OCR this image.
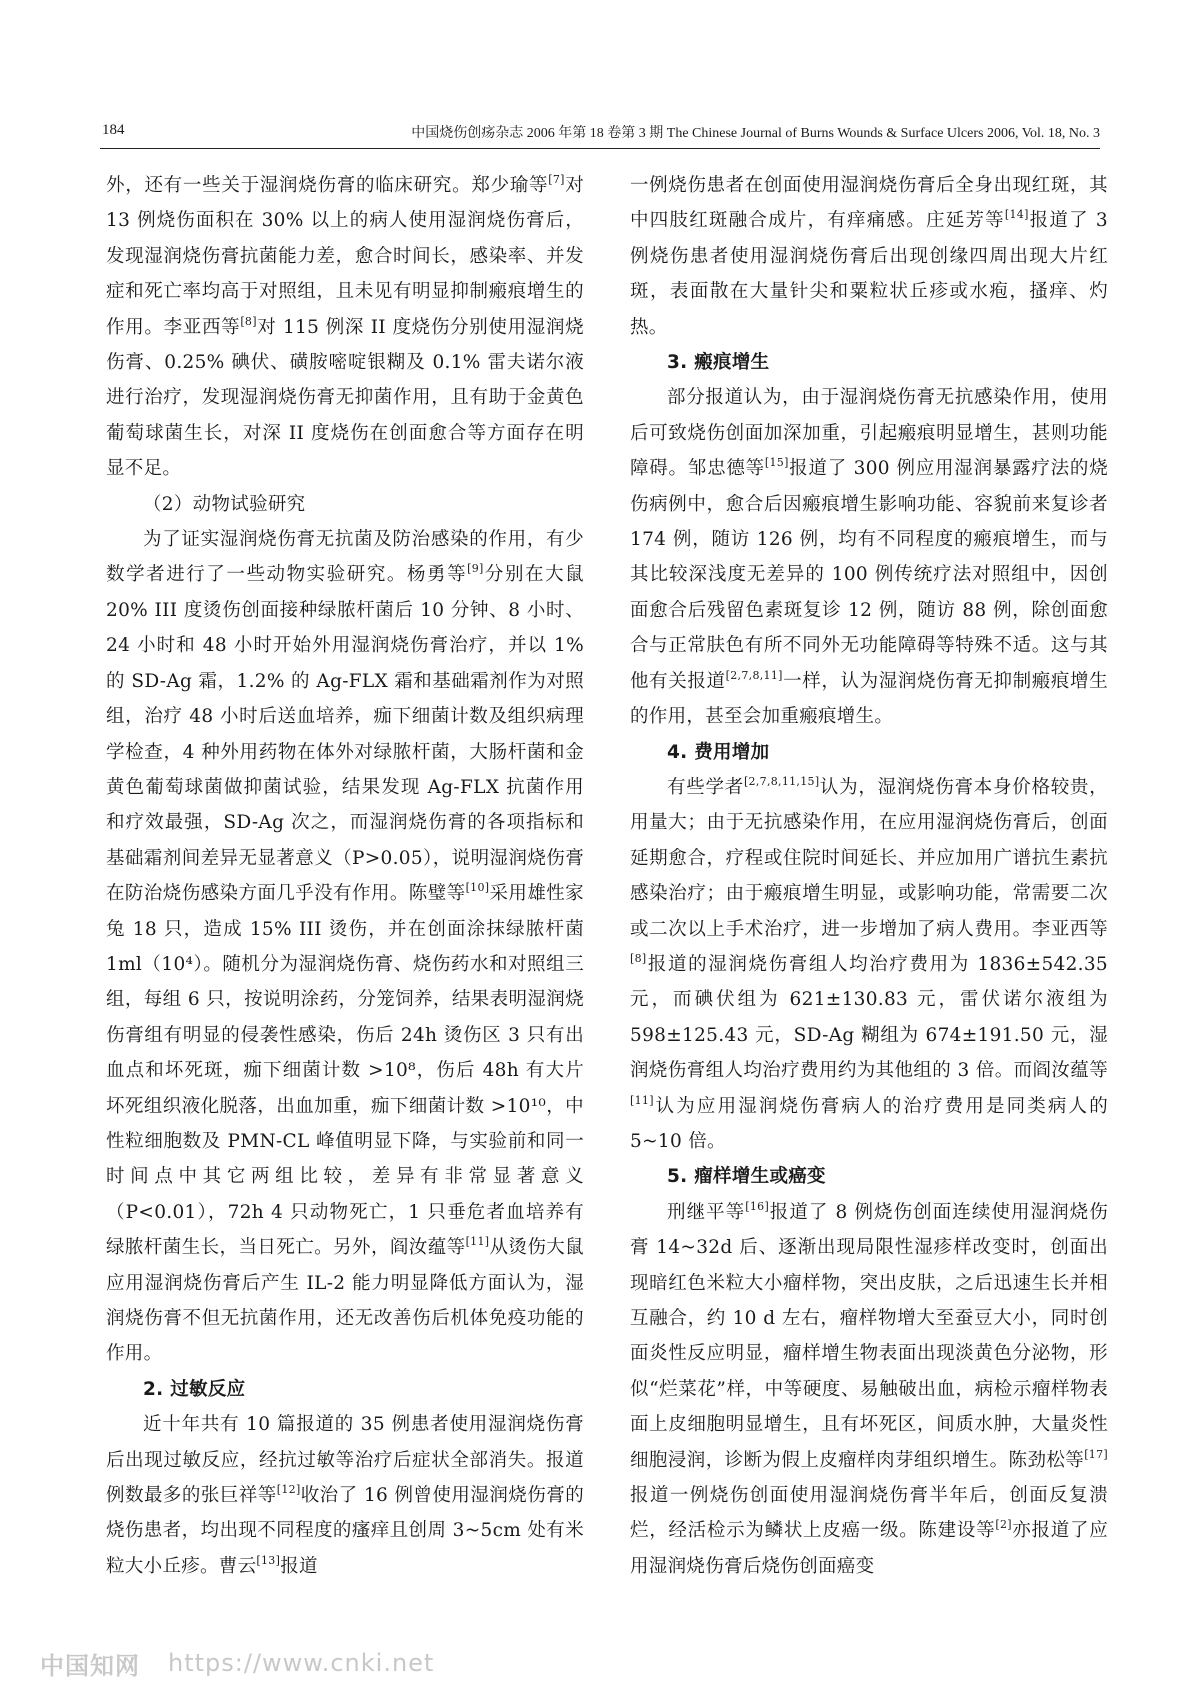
184	中国烧伤创疡杂志 2006 年第 18 卷第 3 期 The Chinese Journal of Burns Wounds & Surface Ulcers 2006, Vol. 18, No. 3

外，还有一些关于湿润烧伤膏的临床研究。郑少瑜等[7]对 13 例烧伤面积在 30% 以上的病人使用湿润烧伤膏后，发现湿润烧伤膏抗菌能力差，愈合时间长，感染率、并发症和死亡率均高于对照组，且未见有明显抑制瘢痕增生的作用。李亚西等[8]对 115 例深 II 度烧伤分别使用湿润烧伤膏、0.25% 碘伏、磺胺嘧啶银糊及 0.1% 雷夫诺尔液进行治疗，发现湿润烧伤膏无抑菌作用，且有助于金黄色葡萄球菌生长，对深 II 度烧伤在创面愈合等方面存在明显不足。

（2）动物试验研究

为了证实湿润烧伤膏无抗菌及防治感染的作用，有少数学者进行了一些动物实验研究。杨勇等[9]分别在大鼠 20% III 度烫伤创面接种绿脓杆菌后 10 分钟、8 小时、24 小时和 48 小时开始外用湿润烧伤膏治疗，并以 1% 的 SD-Ag 霜，1.2% 的 Ag-FLX 霜和基础霜剂作为对照组，治疗 48 小时后送血培养，痂下细菌计数及组织病理学检查，4 种外用药物在体外对绿脓杆菌，大肠杆菌和金黄色葡萄球菌做抑菌试验，结果发现 Ag-FLX 抗菌作用和疗效最强，SD-Ag 次之，而湿润烧伤膏的各项指标和基础霜剂间差异无显著意义（P>0.05），说明湿润烧伤膏在防治烧伤感染方面几乎没有作用。陈璧等[10]采用雄性家兔 18 只，造成 15% III 烫伤，并在创面涂抹绿脓杆菌 1ml（10⁴）。随机分为湿润烧伤膏、烧伤药水和对照组三组，每组 6 只，按说明涂药，分笼饲养，结果表明湿润烧伤膏组有明显的侵袭性感染，伤后 24h 烫伤区 3 只有出血点和坏死斑，痂下细菌计数 >10⁸，伤后 48h 有大片坏死组织液化脱落，出血加重，痂下细菌计数 >10¹⁰，中性粒细胞数及 PMN-CL 峰值明显下降，与实验前和同一时间点中其它两组比较，差异有非常显著意义（P<0.01），72h 4 只动物死亡，1 只垂危者血培养有绿脓杆菌生长，当日死亡。另外，阎汝蕴等[11]从烫伤大鼠应用湿润烧伤膏后产生 IL-2 能力明显降低方面认为，湿润烧伤膏不但无抗菌作用，还无改善伤后机体免疫功能的作用。

2. 过敏反应

近十年共有 10 篇报道的 35 例患者使用湿润烧伤膏后出现过敏反应，经抗过敏等治疗后症状全部消失。报道例数最多的张巨祥等[12]收治了 16 例曾使用湿润烧伤膏的烧伤患者，均出现不同程度的瘙痒且创周 3~5cm 处有米粒大小丘疹。曹云[13]报道

一例烧伤患者在创面使用湿润烧伤膏后全身出现红斑，其中四肢红斑融合成片，有痒痛感。庄延芳等[14]报道了 3 例烧伤患者使用湿润烧伤膏后出现创缘四周出现大片红斑，表面散在大量针尖和粟粒状丘疹或水疱，搔痒、灼热。

3. 瘢痕增生

部分报道认为，由于湿润烧伤膏无抗感染作用，使用后可致烧伤创面加深加重，引起瘢痕明显增生，甚则功能障碍。邹忠德等[15]报道了 300 例应用湿润暴露疗法的烧伤病例中，愈合后因瘢痕增生影响功能、容貌前来复诊者 174 例，随访 126 例，均有不同程度的瘢痕增生，而与其比较深浅度无差异的 100 例传统疗法对照组中，因创面愈合后残留色素斑复诊 12 例，随访 88 例，除创面愈合与正常肤色有所不同外无功能障碍等特殊不适。这与其他有关报道[2,7,8,11]一样，认为湿润烧伤膏无抑制瘢痕增生的作用，甚至会加重瘢痕增生。

4. 费用增加

有些学者[2,7,8,11,15]认为，湿润烧伤膏本身价格较贵，用量大；由于无抗感染作用，在应用湿润烧伤膏后，创面延期愈合，疗程或住院时间延长、并应加用广谱抗生素抗感染治疗；由于瘢痕增生明显，或影响功能，常需要二次或二次以上手术治疗，进一步增加了病人费用。李亚西等[8]报道的湿润烧伤膏组人均治疗费用为 1836±542.35 元，而碘伏组为 621±130.83 元，雷伏诺尔液组为 598±125.43 元，SD-Ag 糊组为 674±191.50 元，湿润烧伤膏组人均治疗费用约为其他组的 3 倍。而阎汝蕴等[11]认为应用湿润烧伤膏病人的治疗费用是同类病人的 5~10 倍。

5. 瘤样增生或癌变

刑继平等[16]报道了 8 例烧伤创面连续使用湿润烧伤膏 14~32d 后、逐渐出现局限性湿疹样改变时，创面出现暗红色米粒大小瘤样物，突出皮肤，之后迅速生长并相互融合，约 10 d 左右，瘤样物增大至蚕豆大小，同时创面炎性反应明显，瘤样增生物表面出现淡黄色分泌物，形似“烂菜花”样，中等硬度、易触破出血，病检示瘤样物表面上皮细胞明显增生，且有坏死区，间质水肿，大量炎性细胞浸润，诊断为假上皮瘤样肉芽组织增生。陈劲松等[17]报道一例烧伤创面使用湿润烧伤膏半年后，创面反复溃烂，经活检示为鳞状上皮癌一级。陈建设等[2]亦报道了应用湿润烧伤膏后烧伤创面癌变

中国知网 https://www.cnki.net
